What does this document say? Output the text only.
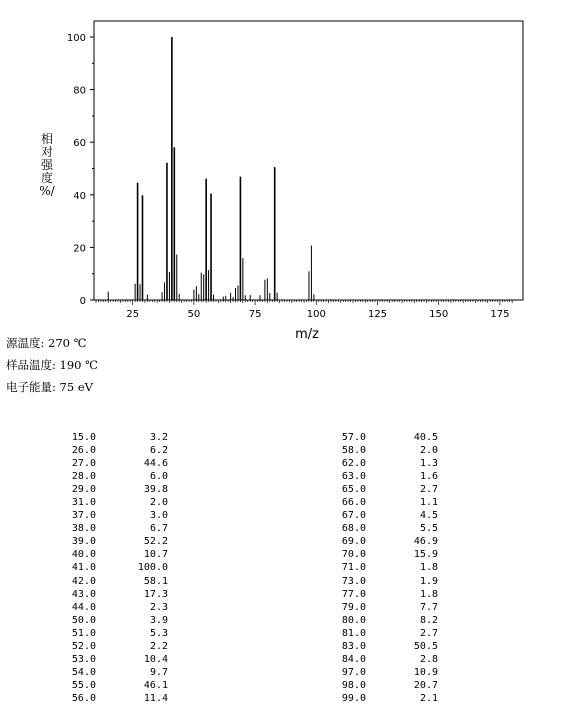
0
20
40
60
80
100
25	50	75	100	125	150	175
m/z
相
对
强
度
%/
源温度: 270 ℃
样品温度: 190 ℃
电子能量: 75 eV
15.0	3.2
26.0	6.2
27.0	44.6
28.0	6.0
29.0	39.8
31.0	2.0
37.0	3.0
38.0	6.7
39.0	52.2
40.0	10.7
41.0	100.0
42.0	58.1
43.0	17.3
44.0	2.3
50.0	3.9
51.0	5.3
52.0	2.2
53.0	10.4
54.0	9.7
55.0	46.1
56.0	11.4
57.0	40.5
58.0	2.0
62.0	1.3
63.0	1.6
65.0	2.7
66.0	1.1
67.0	4.5
68.0	5.5
69.0	46.9
70.0	15.9
71.0	1.8
73.0	1.9
77.0	1.8
79.0	7.7
80.0	8.2
81.0	2.7
83.0	50.5
84.0	2.8
97.0	10.9
98.0	20.7
99.0	2.1
